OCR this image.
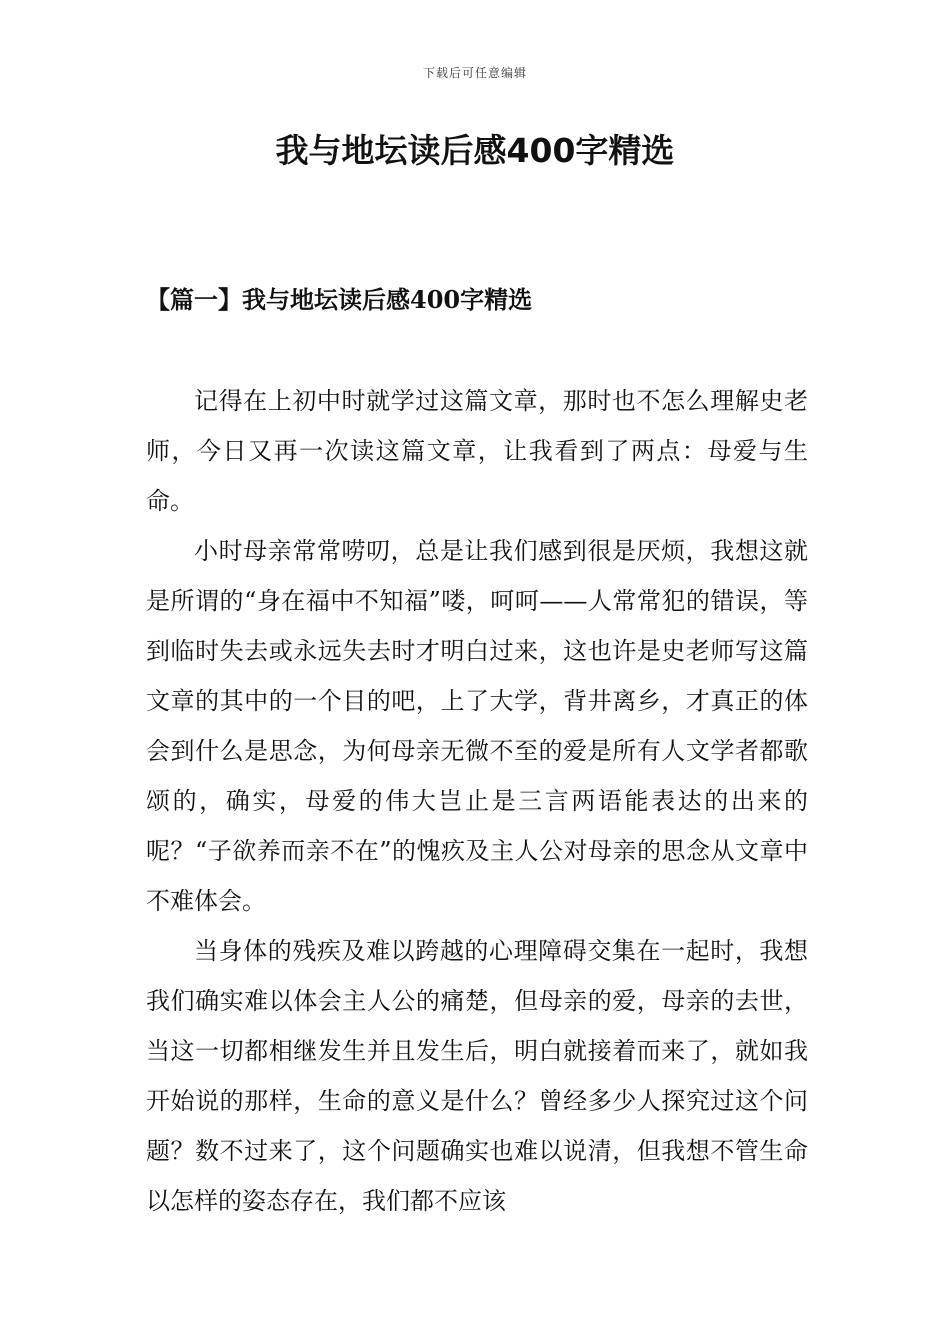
下载后可任意编辑
我与地坛读后感400字精选
【篇一】我与地坛读后感400字精选

记得在上初中时就学过这篇文章，那时也不怎么理解史老师，今日又再一次读这篇文章，让我看到了两点：母爱与生命。

小时母亲常常唠叨，总是让我们感到很是厌烦，我想这就是所谓的“身在福中不知福”喽，呵呵——人常常犯的错误，等到临时失去或永远失去时才明白过来，这也许是史老师写这篇文章的其中的一个目的吧，上了大学，背井离乡，才真正的体会到什么是思念，为何母亲无微不至的爱是所有人文学者都歌颂的，确实，母爱的伟大岂止是三言两语能表达的出来的呢？“子欲养而亲不在”的愧疚及主人公对母亲的思念从文章中不难体会。

当身体的残疾及难以跨越的心理障碍交集在一起时，我想我们确实难以体会主人公的痛楚，但母亲的爱，母亲的去世，当这一切都相继发生并且发生后，明白就接着而来了，就如我开始说的那样，生命的意义是什么？曾经多少人探究过这个问题？数不过来了，这个问题确实也难以说清，但我想不管生命以怎样的姿态存在，我们都不应该
